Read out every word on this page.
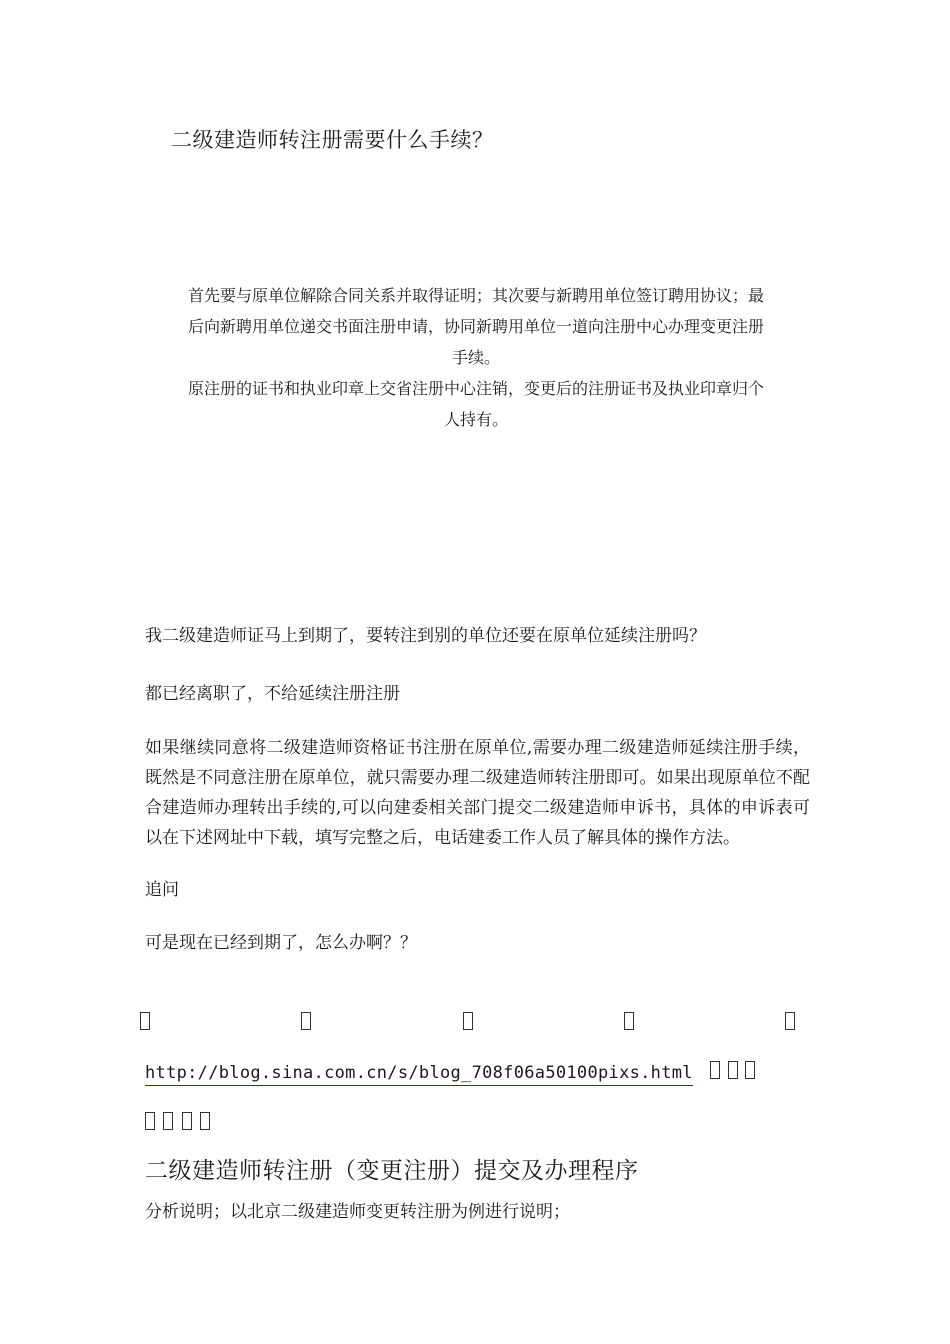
二级建造师转注册需要什么手续？

首先要与原单位解除合同关系并取得证明；其次要与新聘用单位签订聘用协议；最

后向新聘用单位递交书面注册申请，协同新聘用单位一道向注册中心办理变更注册

手续。

原注册的证书和执业印章上交省注册中心注销，变更后的注册证书及执业印章归个

人持有。

我二级建造师证马上到期了，要转注到别的单位还要在原单位延续注册吗？

都已经离职了，不给延续注册注册

如果继续同意将二级建造师资格证书注册在原单位,需要办理二级建造师延续注册手续，既然是不同意注册在原单位，就只需要办理二级建造师转注册即可。如果出现原单位不配合建造师办理转出手续的,可以向建委相关部门提交二级建造师申诉书，具体的申诉表可以在下述网址中下载，填写完整之后，电话建委工作人员了解具体的操作方法。

追问

可是现在已经到期了，怎么办啊？？

http://blog.sina.com.cn/s/blog_708f06a50100pixs.html

二级建造师转注册（变更注册）提交及办理程序
分析说明；以北京二级建造师变更转注册为例进行说明；
